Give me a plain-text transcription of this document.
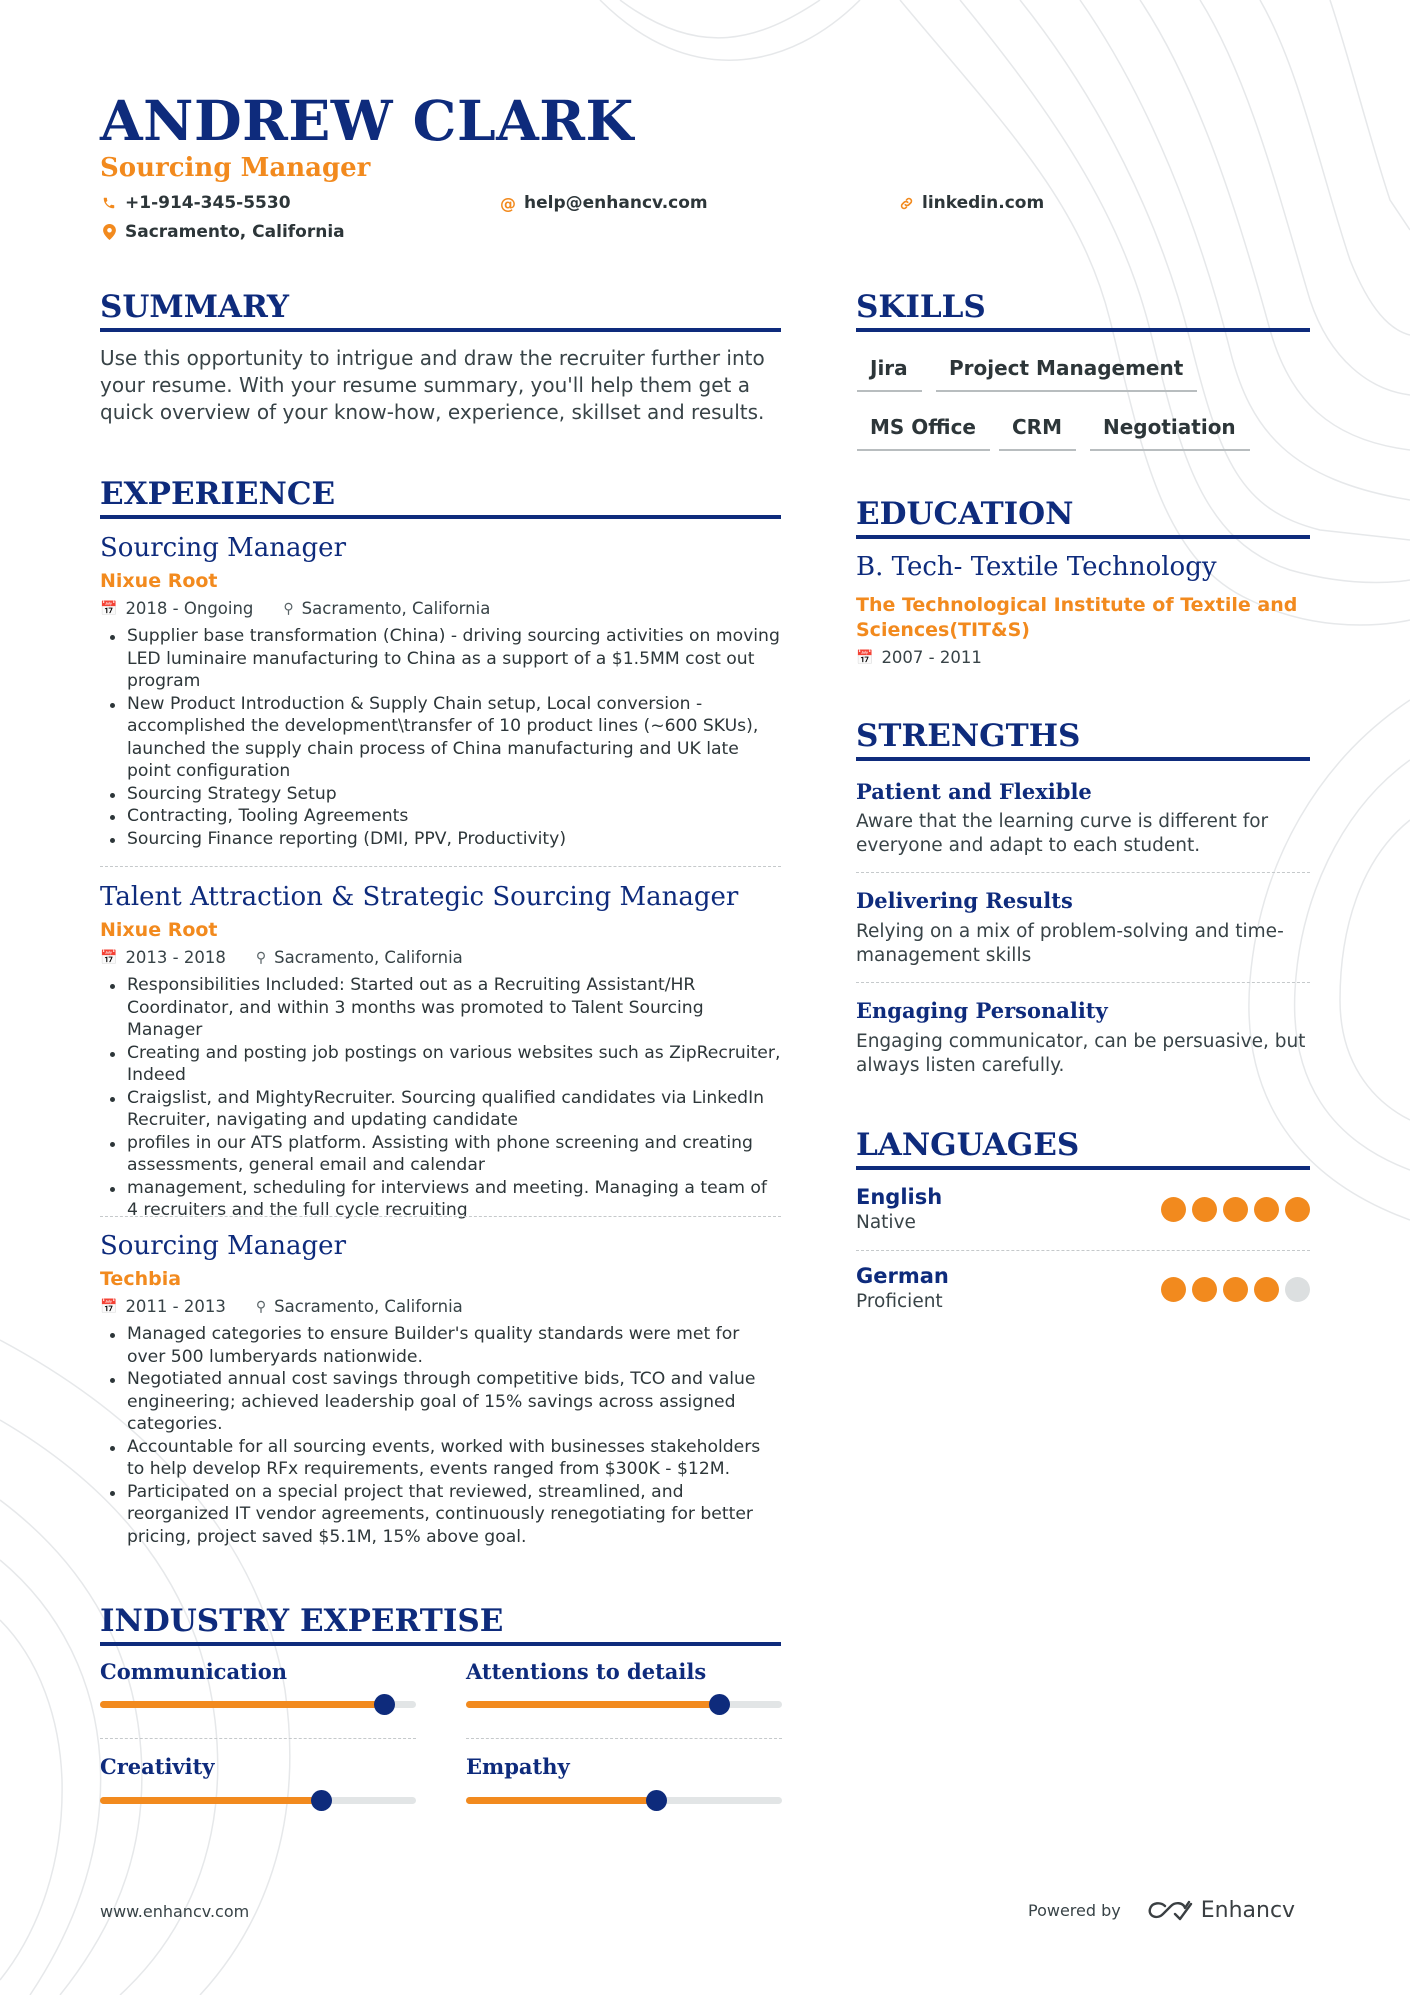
ANDREW CLARK
Sourcing Manager
+1-914-345-5530	@ help@enhancv.com	linkedin.com
Sacramento, California
SUMMARY
Use this opportunity to intrigue and draw the recruiter further into your resume. With your resume summary, you'll help them get a quick overview of your know-how, experience, skillset and results.
EXPERIENCE
Sourcing Manager
Nixue Root
📅 2018 - Ongoing ⚲ Sacramento, California
Supplier base transformation (China) - driving sourcing activities on moving LED luminaire manufacturing to China as a support of a $1.5MM cost out program
New Product Introduction & Supply Chain setup, Local conversion - accomplished the development\transfer of 10 product lines (~600 SKUs), launched the supply chain process of China manufacturing and UK late point configuration
Sourcing Strategy Setup
Contracting, Tooling Agreements
Sourcing Finance reporting (DMI, PPV, Productivity)
Talent Attraction & Strategic Sourcing Manager
Nixue Root
📅 2013 - 2018 ⚲ Sacramento, California
Responsibilities Included: Started out as a Recruiting Assistant/HR Coordinator, and within 3 months was promoted to Talent Sourcing Manager
Creating and posting job postings on various websites such as ZipRecruiter, Indeed
Craigslist, and MightyRecruiter. Sourcing qualified candidates via LinkedIn Recruiter, navigating and updating candidate
profiles in our ATS platform. Assisting with phone screening and creating assessments, general email and calendar
management, scheduling for interviews and meeting. Managing a team of 4 recruiters and the full cycle recruiting
Sourcing Manager
Techbia
📅 2011 - 2013 ⚲ Sacramento, California
Managed categories to ensure Builder's quality standards were met for over 500 lumberyards nationwide.
Negotiated annual cost savings through competitive bids, TCO and value engineering; achieved leadership goal of 15% savings across assigned categories.
Accountable for all sourcing events, worked with businesses stakeholders to help develop RFx requirements, events ranged from $300K - $12M.
Participated on a special project that reviewed, streamlined, and reorganized IT vendor agreements, continuously renegotiating for better pricing, project saved $5.1M, 15% above goal.
INDUSTRY EXPERTISE
Communication	Attentions to details
Creativity	Empathy
SKILLS
Jira	Project Management
MS Office	CRM	Negotiation
EDUCATION
B. Tech- Textile Technology
The Technological Institute of Textile and Sciences(TIT&S)
📅 2007 - 2011
STRENGTHS
Patient and Flexible
Aware that the learning curve is different for everyone and adapt to each student.
Delivering Results
Relying on a mix of problem-solving and time-management skills
Engaging Personality
Engaging communicator, can be persuasive, but always listen carefully.
LANGUAGES
English
Native
German
Proficient
www.enhancv.com	Powered by	Enhancv
